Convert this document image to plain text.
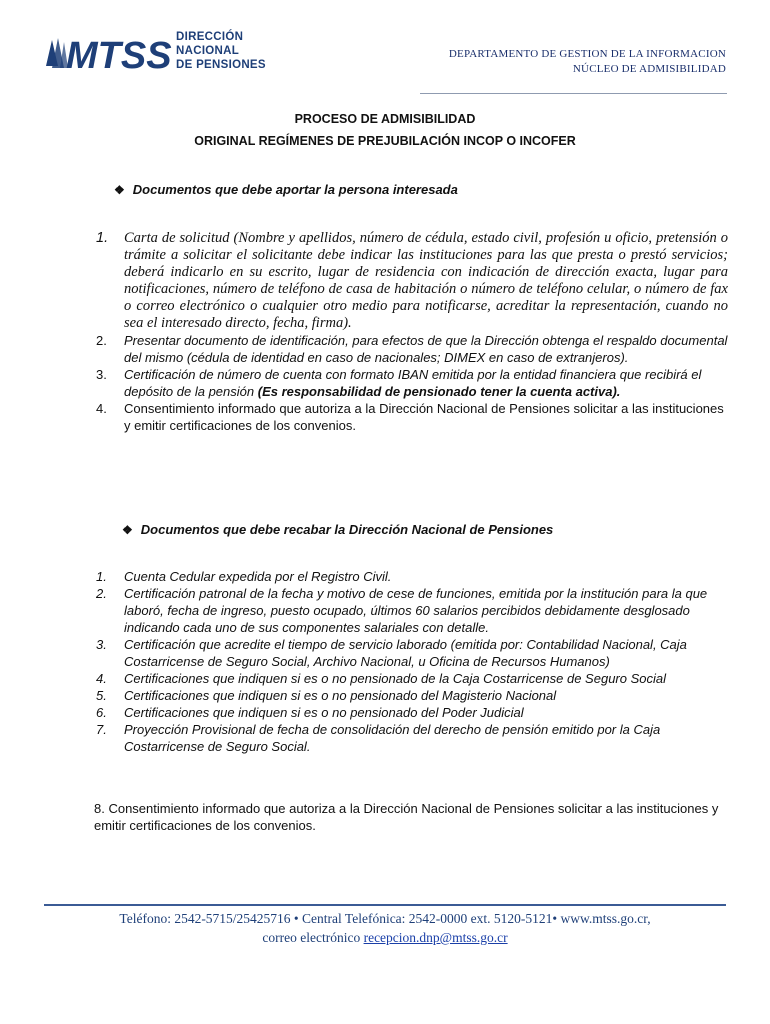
MTSS DIRECCIÓN
NACIONAL
DE PENSIONES
DEPARTAMENTO DE GESTION DE LA INFORMACION
NÚCLEO DE ADMISIBILIDAD
PROCESO DE ADMISIBILIDAD
ORIGINAL REGÍMENES DE PREJUBILACIÓN INCOP O INCOFER
❖ Documentos que debe aportar la persona interesada
1. Carta de solicitud (Nombre y apellidos, número de cédula, estado civil, profesión u oficio, pretensión o trámite a solicitar el solicitante debe indicar las instituciones para las que presta o prestó servicios; deberá indicarlo en su escrito, lugar de residencia con indicación de dirección exacta, lugar para notificaciones, número de teléfono de casa de habitación o número de teléfono celular, o número de fax o correo electrónico o cualquier otro medio para notificarse, acreditar la representación, cuando no sea el interesado directo, fecha, firma).
2. Presentar documento de identificación, para efectos de que la Dirección obtenga el respaldo documental del mismo (cédula de identidad en caso de nacionales; DIMEX en caso de extranjeros).
3. Certificación de número de cuenta con formato IBAN emitida por la entidad financiera que recibirá el depósito de la pensión (Es responsabilidad de pensionado tener la cuenta activa).
4. Consentimiento informado que autoriza a la Dirección Nacional de Pensiones solicitar a las instituciones y emitir certificaciones de los convenios.
❖ Documentos que debe recabar la Dirección Nacional de Pensiones
1. Cuenta Cedular expedida por el Registro Civil.
2. Certificación patronal de la fecha y motivo de cese de funciones, emitida por la institución para la que laboró, fecha de ingreso, puesto ocupado, últimos 60 salarios percibidos debidamente desglosado indicando cada uno de sus componentes salariales con detalle.
3. Certificación que acredite el tiempo de servicio laborado (emitida por: Contabilidad Nacional, Caja Costarricense de Seguro Social, Archivo Nacional, u Oficina de Recursos Humanos)
4. Certificaciones que indiquen si es o no pensionado de la Caja Costarricense de Seguro Social
5. Certificaciones que indiquen si es o no pensionado del Magisterio Nacional
6. Certificaciones que indiquen si es o no pensionado del Poder Judicial
7. Proyección Provisional de fecha de consolidación del derecho de pensión emitido por la Caja Costarricense de Seguro Social.
8. Consentimiento informado que autoriza a la Dirección Nacional de Pensiones solicitar a las instituciones y emitir certificaciones de los convenios.
Teléfono: 2542-5715/25425716 • Central Telefónica: 2542-0000 ext. 5120-5121• www.mtss.go.cr,
correo electrónico recepcion.dnp@mtss.go.cr
